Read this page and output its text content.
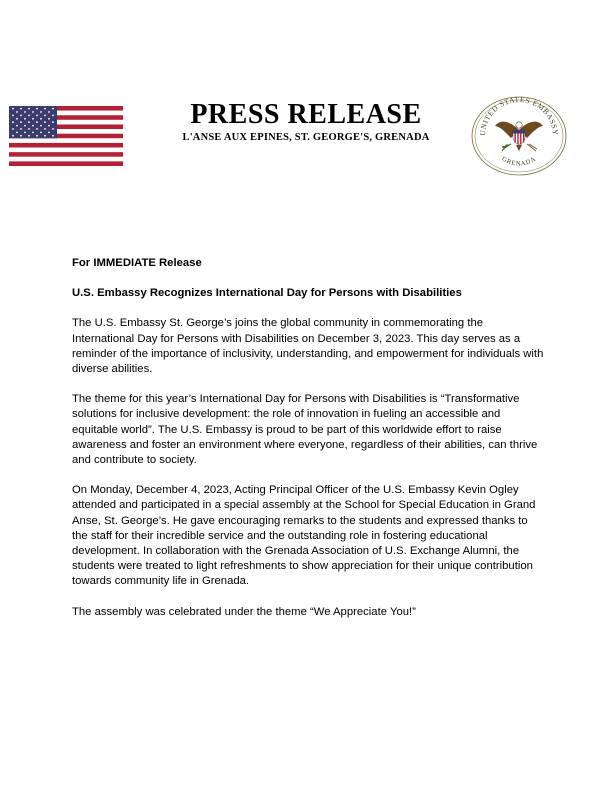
PRESS RELEASE
L'ANSE AUX EPINES, ST. GEORGE'S, GRENADA	UNITED STATES EMBASSY
GRENADA

For IMMEDIATE Release

U.S. Embassy Recognizes International Day for Persons with Disabilities

The U.S. Embassy St. George’s joins the global community in commemorating the International Day for Persons with Disabilities on December 3, 2023. This day serves as a reminder of the importance of inclusivity, understanding, and empowerment for individuals with diverse abilities.

The theme for this year’s International Day for Persons with Disabilities is “Transformative solutions for inclusive development: the role of innovation in fueling an accessible and equitable world”. The U.S. Embassy is proud to be part of this worldwide effort to raise awareness and foster an environment where everyone, regardless of their abilities, can thrive and contribute to society.

On Monday, December 4, 2023, Acting Principal Officer of the U.S. Embassy Kevin Ogley attended and participated in a special assembly at the School for Special Education in Grand Anse, St. George’s. He gave encouraging remarks to the students and expressed thanks to the staff for their incredible service and the outstanding role in fostering educational development. In collaboration with the Grenada Association of U.S. Exchange Alumni, the students were treated to light refreshments to show appreciation for their unique contribution towards community life in Grenada.

The assembly was celebrated under the theme “We Appreciate You!”
